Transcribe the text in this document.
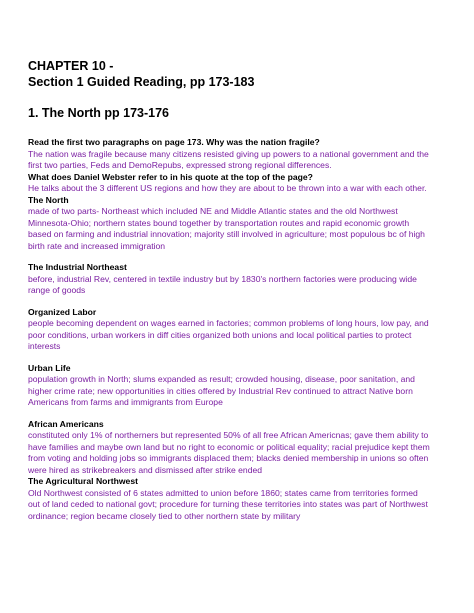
CHAPTER 10 -

Section 1 Guided Reading, pp 173-183

1. The North pp 173-176

Read the first two paragraphs on page 173. Why was the nation fragile?

The nation was fragile because many citizens resisted giving up powers to a national government and the first two parties, Feds and DemoRepubs, expressed strong regional differences.

What does Daniel Webster refer to in his quote at the top of the page?

He talks about the 3 different US regions and how they are about to be thrown into a war with each other.

The North

made of two parts- Northeast which included NE and Middle Atlantic states and the old Northwest Minnesota-Ohio; northern states bound together by transportation routes and rapid economic growth based on farming and industrial innovation; majority still involved in agriculture; most populous bc of high birth rate and increased immigration

The Industrial Northeast

before, industrial Rev, centered in textile industry but by 1830's northern factories were producing wide range of goods

Organized Labor

people becoming dependent on wages earned in factories; common problems of long hours, low pay, and poor conditions, urban workers in diff cities organized both unions and local political parties to protect interests

Urban Life

population growth in North; slums expanded as result; crowded housing, disease, poor sanitation, and higher crime rate; new opportunities in cities offered by Industrial Rev continued to attract Native born Americans from farms and immigrants from Europe

African Americans

constituted only 1% of northerners but represented 50% of all free African Americnas; gave them ability to have families and maybe own land but no right to economic or political equality; racial prejudice kept them from voting and holding jobs so immigrants displaced them; blacks denied membership in unions so often were hired as strikebreakers and dismissed after strike ended

The Agricultural Northwest

Old Northwest consisted of 6 states admitted to union before 1860; states came from territories formed out of land ceded to national govt; procedure for turning these territories into states was part of Northwest ordinance; region became closely tied to other northern state by military
